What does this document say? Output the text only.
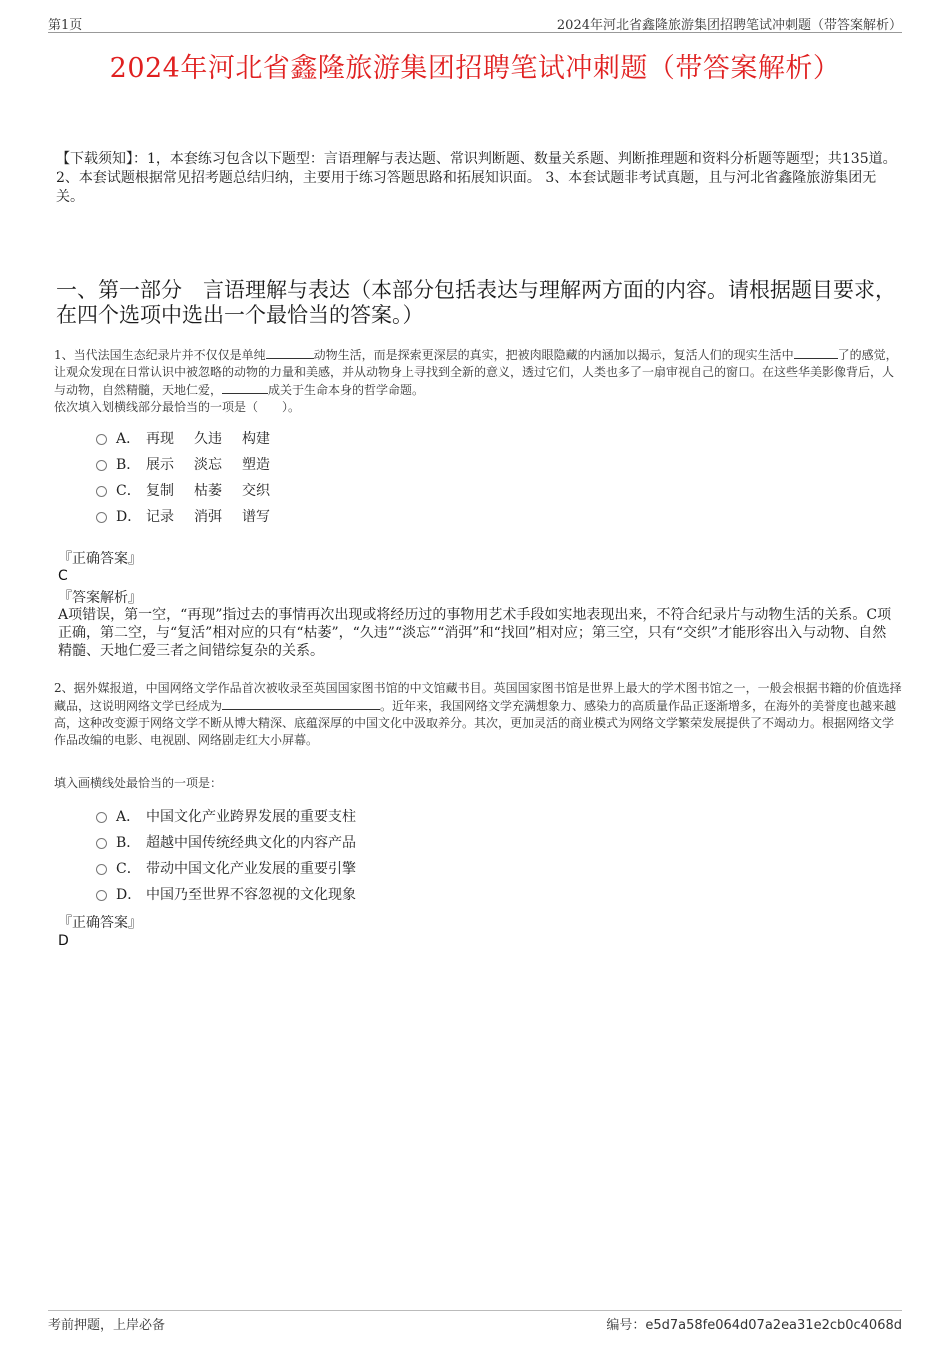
第1页	2024年河北省鑫隆旅游集团招聘笔试冲刺题（带答案解析）
2024年河北省鑫隆旅游集团招聘笔试冲刺题（带答案解析）
【下载须知】：1，本套练习包含以下题型：言语理解与表达题、常识判断题、数量关系题、判断推理题和资料分析题等题型；共135道。 2、本套试题根据常见招考题总结归纳，主要用于练习答题思路和拓展知识面。 3、本套试题非考试真题，且与河北省鑫隆旅游集团无关。
一、第一部分　言语理解与表达（本部分包括表达与理解两方面的内容。请根据题目要求，在四个选项中选出一个最恰当的答案。）
1、当代法国生态纪录片并不仅仅是单纯	动物生活，而是探索更深层的真实，把被肉眼隐藏的内涵加以揭示，复活人们的现实生活中	了的感觉，让观众发现在日常认识中被忽略的动物的力量和美感，并从动物身上寻找到全新的意义，透过它们，人类也多了一扇审视自己的窗口。在这些华美影像背后，人与动物，自然精髓，天地仁爱，	成关于生命本身的哲学命题。
依次填入划横线部分最恰当的一项是（　　）。
A． 再现 久违 构建
B． 展示 淡忘 塑造
C． 复制 枯萎 交织
D． 记录 消弭 谱写
『正确答案』
C
『答案解析』
A项错误，第一空，“再现”指过去的事情再次出现或将经历过的事物用艺术手段如实地表现出来，不符合纪录片与动物生活的关系。C项正确，第二空，与“复活”相对应的只有“枯萎”，“久违”“淡忘”“消弭”和“找回”相对应；第三空，只有“交织”才能形容出入与动物、自然精髓、天地仁爱三者之间错综复杂的关系。
2、据外媒报道，中国网络文学作品首次被收录至英国国家图书馆的中文馆藏书目。英国国家图书馆是世界上最大的学术图书馆之一，一般会根据书籍的价值选择藏品，这说明网络文学已经成为	。近年来，我国网络文学充满想象力、感染力的高质量作品正逐渐增多，在海外的美誉度也越来越高，这种改变源于网络文学不断从博大精深、底蕴深厚的中国文化中汲取养分。其次，更加灵活的商业模式为网络文学繁荣发展提供了不竭动力。根据网络文学作品改编的电影、电视剧、网络剧走红大小屏幕。
填入画横线处最恰当的一项是：
A． 中国文化产业跨界发展的重要支柱
B． 超越中国传统经典文化的内容产品
C． 带动中国文化产业发展的重要引擎
D． 中国乃至世界不容忽视的文化现象
『正确答案』
D
考前押题，上岸必备	编号：e5d7a58fe064d07a2ea31e2cb0c4068d
